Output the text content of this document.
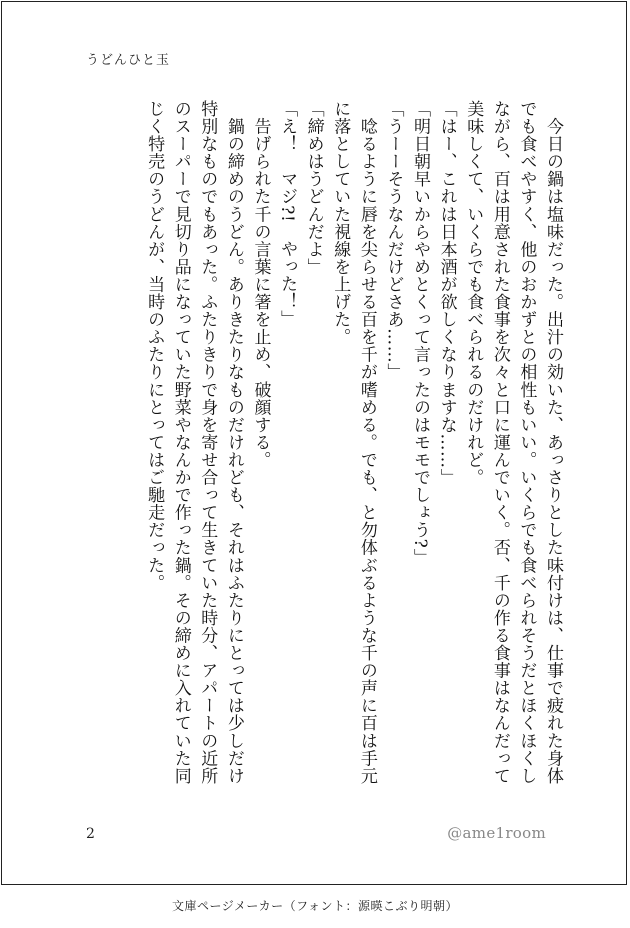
うどんひと玉
　今日の鍋は塩味だった。出汁の効いた、あっさりとした味付けは、仕事で疲れた身体
でも食べやすく、他のおかずとの相性もいい。いくらでも食べられそうだとほくほくし
ながら、百は用意された食事を次々と口に運んでいく。否、千の作る食事はなんだって
美味しくて、いくらでも食べられるのだけれど。
「はー、これは日本酒が欲しくなりますな……」
「明日朝早いからやめとくって言ったのはモモでしょう?」
「うーーそうなんだけどさあ……」
　唸るように唇を尖らせる百を千が嗜める。でも、と勿体ぶるような千の声に百は手元
に落としていた視線を上げた。
「締めはうどんだよ」
「え！　マジ?!　やった！」
　告げられた千の言葉に箸を止め、破顔する。
　鍋の締めのうどん。ありきたりなものだけれども、それはふたりにとっては少しだけ
特別なものでもあった。ふたりきりで身を寄せ合って生きていた時分、アパートの近所
のスーパーで見切り品になっていた野菜やなんかで作った鍋。その締めに入れていた同
じく特売のうどんが、当時のふたりにとってはご馳走だった。
2	@ame1room
文庫ページメーカー（フォント：源暎こぶり明朝）
